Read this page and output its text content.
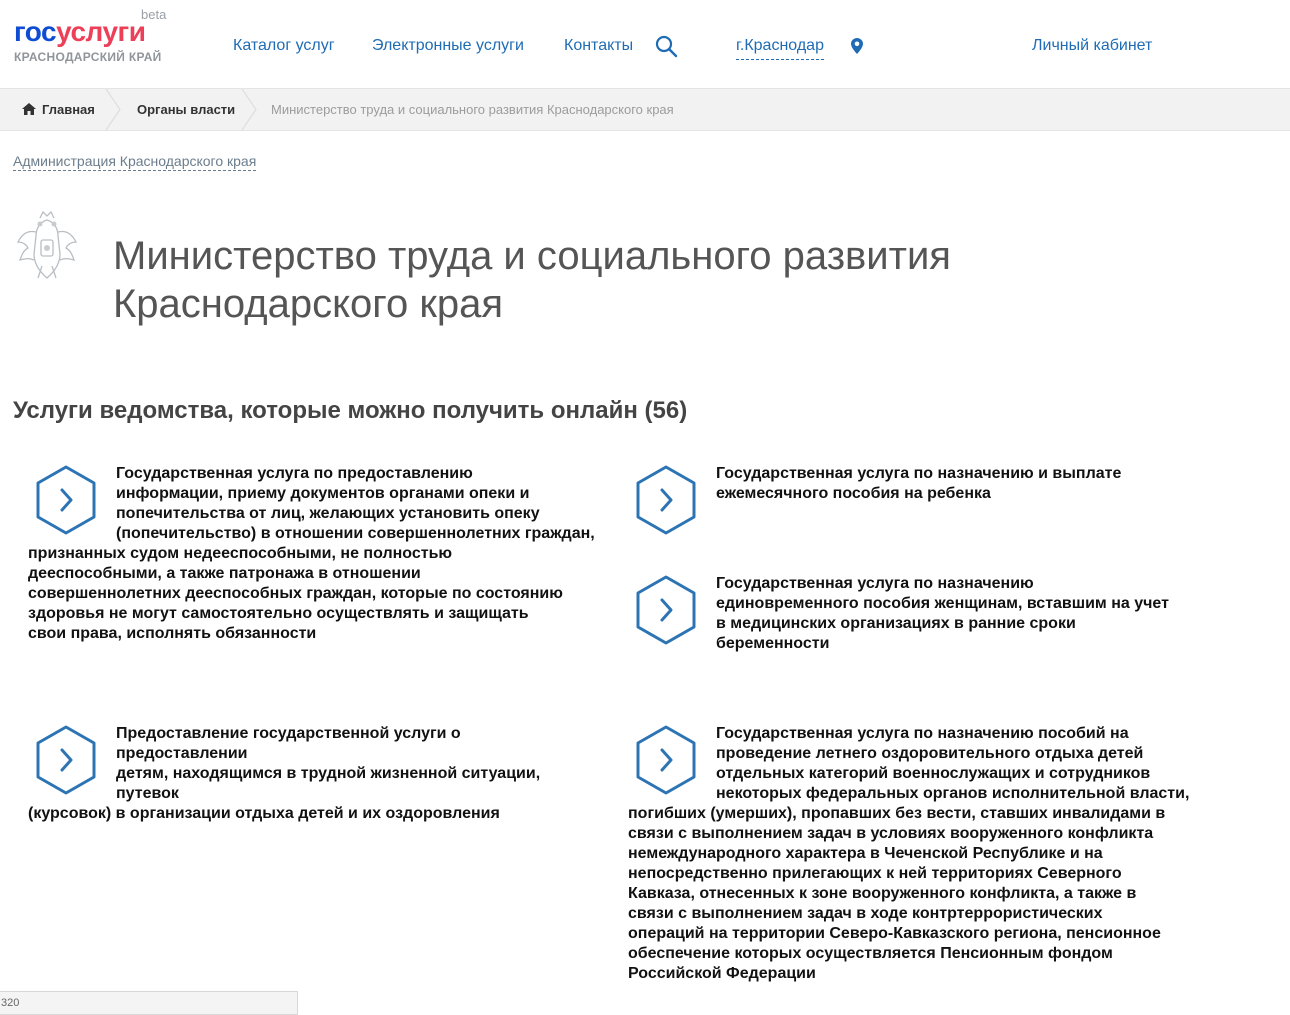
госуслуги
beta
КРАСНОДАРСКИЙ КРАЙ
Каталог услуг Электронные услуги	Контакты	г.Краснодар	Личный кабинет
Главная	Органы власти	Министерство труда и социального развития Краснодарского края
Администрация Краснодарского края
Министерство труда и социального развития
Краснодарского края
Услуги ведомства, которые можно получить онлайн (56)
Государственная услуга по предоставлению
информации, приему документов органами опеки и
попечительства от лиц, желающих установить опеку
(попечительство) в отношении совершеннолетних граждан,
признанных судом недееспособными, не полностью
дееспособными, а также патронажа в отношении
совершеннолетних дееспособных граждан, которые по состоянию
здоровья не могут самостоятельно осуществлять и защищать
свои права, исполнять обязанности
Государственная услуга по назначению и выплате
ежемесячного пособия на ребенка
Государственная услуга по назначению
единовременного пособия женщинам, вставшим на учет
в медицинских организациях в ранние сроки
беременности
Предоставление государственной услуги о
предоставлении
детям, находящимся в трудной жизненной ситуации,
путевок
(курсовок) в организации отдыха детей и их оздоровления
Государственная услуга по назначению пособий на
проведение летнего оздоровительного отдыха детей
отдельных категорий военнослужащих и сотрудников
некоторых федеральных органов исполнительной власти,
погибших (умерших), пропавших без вести, ставших инвалидами в
связи с выполнением задач в условиях вооруженного конфликта
немеждународного характера в Чеченской Республике и на
непосредственно прилегающих к ней территориях Северного
Кавказа, отнесенных к зоне вооруженного конфликта, а также в
связи с выполнением задач в ходе контртеррористических
операций на территории Северо-Кавказского региона, пенсионное
обеспечение которых осуществляется Пенсионным фондом
Российской Федерации
320
